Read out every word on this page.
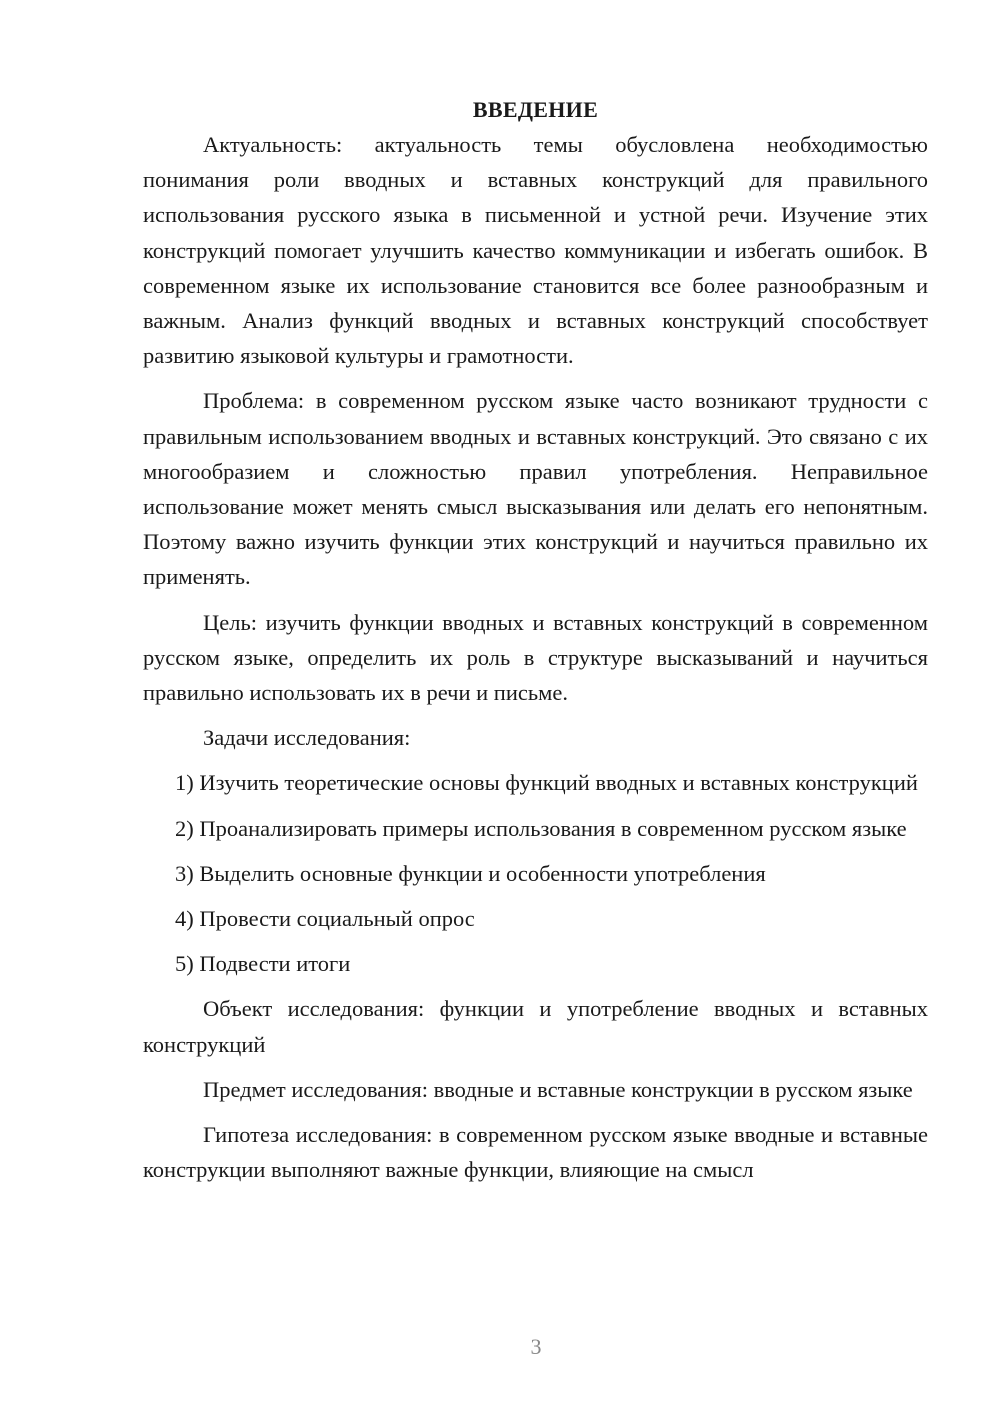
ВВЕДЕНИЕ

Актуальность: актуальность темы обусловлена необходимостью понимания роли вводных и вставных конструкций для правильного использования русского языка в письменной и устной речи. Изучение этих конструкций помогает улучшить качество коммуникации и избегать ошибок. В современном языке их использование становится все более разнообразным и важным. Анализ функций вводных и вставных конструкций способствует развитию языковой культуры и грамотности.

Проблема: в современном русском языке часто возникают трудности с правильным использованием вводных и вставных конструкций. Это связано с их многообразием и сложностью правил употребления. Неправильное использование может менять смысл высказывания или делать его непонятным. Поэтому важно изучить функции этих конструкций и научиться правильно их применять.

Цель: изучить функции вводных и вставных конструкций в современном русском языке, определить их роль в структуре высказываний и научиться правильно использовать их в речи и письме.

Задачи исследования:

1) Изучить теоретические основы функций вводных и вставных конструкций

2) Проанализировать примеры использования в современном русском языке

3) Выделить основные функции и особенности употребления

4) Провести социальный опрос

5) Подвести итоги

Объект исследования: функции и употребление вводных и вставных конструкций

Предмет исследования: вводные и вставные конструкции в русском языке

Гипотеза исследования: в современном русском языке вводные и вставные конструкции выполняют важные функции, влияющие на смысл

3
